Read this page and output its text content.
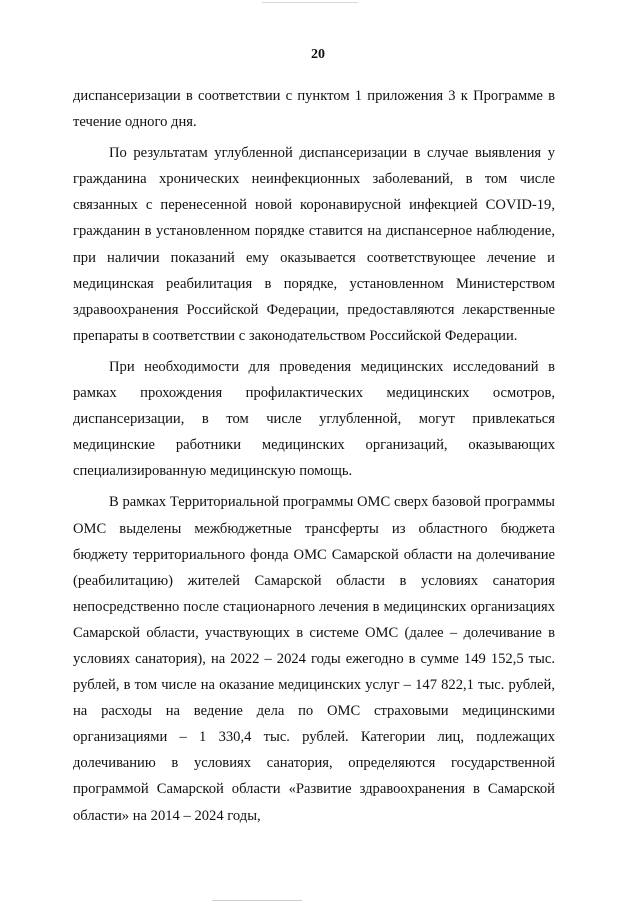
20

диспансеризации в соответствии с пунктом 1 приложения 3 к Программе в течение одного дня.

По результатам углубленной диспансеризации в случае выявления у гражданина хронических неинфекционных заболеваний, в том числе связанных с перенесенной новой коронавирусной инфекцией COVID-19, гражданин в установленном порядке ставится на диспансерное наблюдение, при наличии показаний ему оказывается соответствующее лечение и медицинская реабилитация в порядке, установленном Министерством здравоохранения Российской Федерации, предоставляются лекарственные препараты в соответствии с законодательством Российской Федерации.

При необходимости для проведения медицинских исследований в рамках прохождения профилактических медицинских осмотров, диспансеризации, в том числе углубленной, могут привлекаться медицинские работники медицинских организаций, оказывающих специализированную медицинскую помощь.

В рамках Территориальной программы ОМС сверх базовой программы ОМС выделены межбюджетные трансферты из областного бюджета бюджету территориального фонда ОМС Самарской области на долечивание (реабилитацию) жителей Самарской области в условиях санатория непосредственно после стационарного лечения в медицинских организациях Самарской области, участвующих в системе ОМС (далее – долечивание в условиях санатория), на 2022 – 2024 годы ежегодно в сумме 149 152,5 тыс. рублей, в том числе на оказание медицинских услуг – 147 822,1 тыс. рублей, на расходы на ведение дела по ОМС страховыми медицинскими организациями – 1 330,4 тыс. рублей. Категории лиц, подлежащих долечиванию в условиях санатория, определяются государственной программой Самарской области «Развитие здравоохранения в Самарской области» на 2014 – 2024 годы,
